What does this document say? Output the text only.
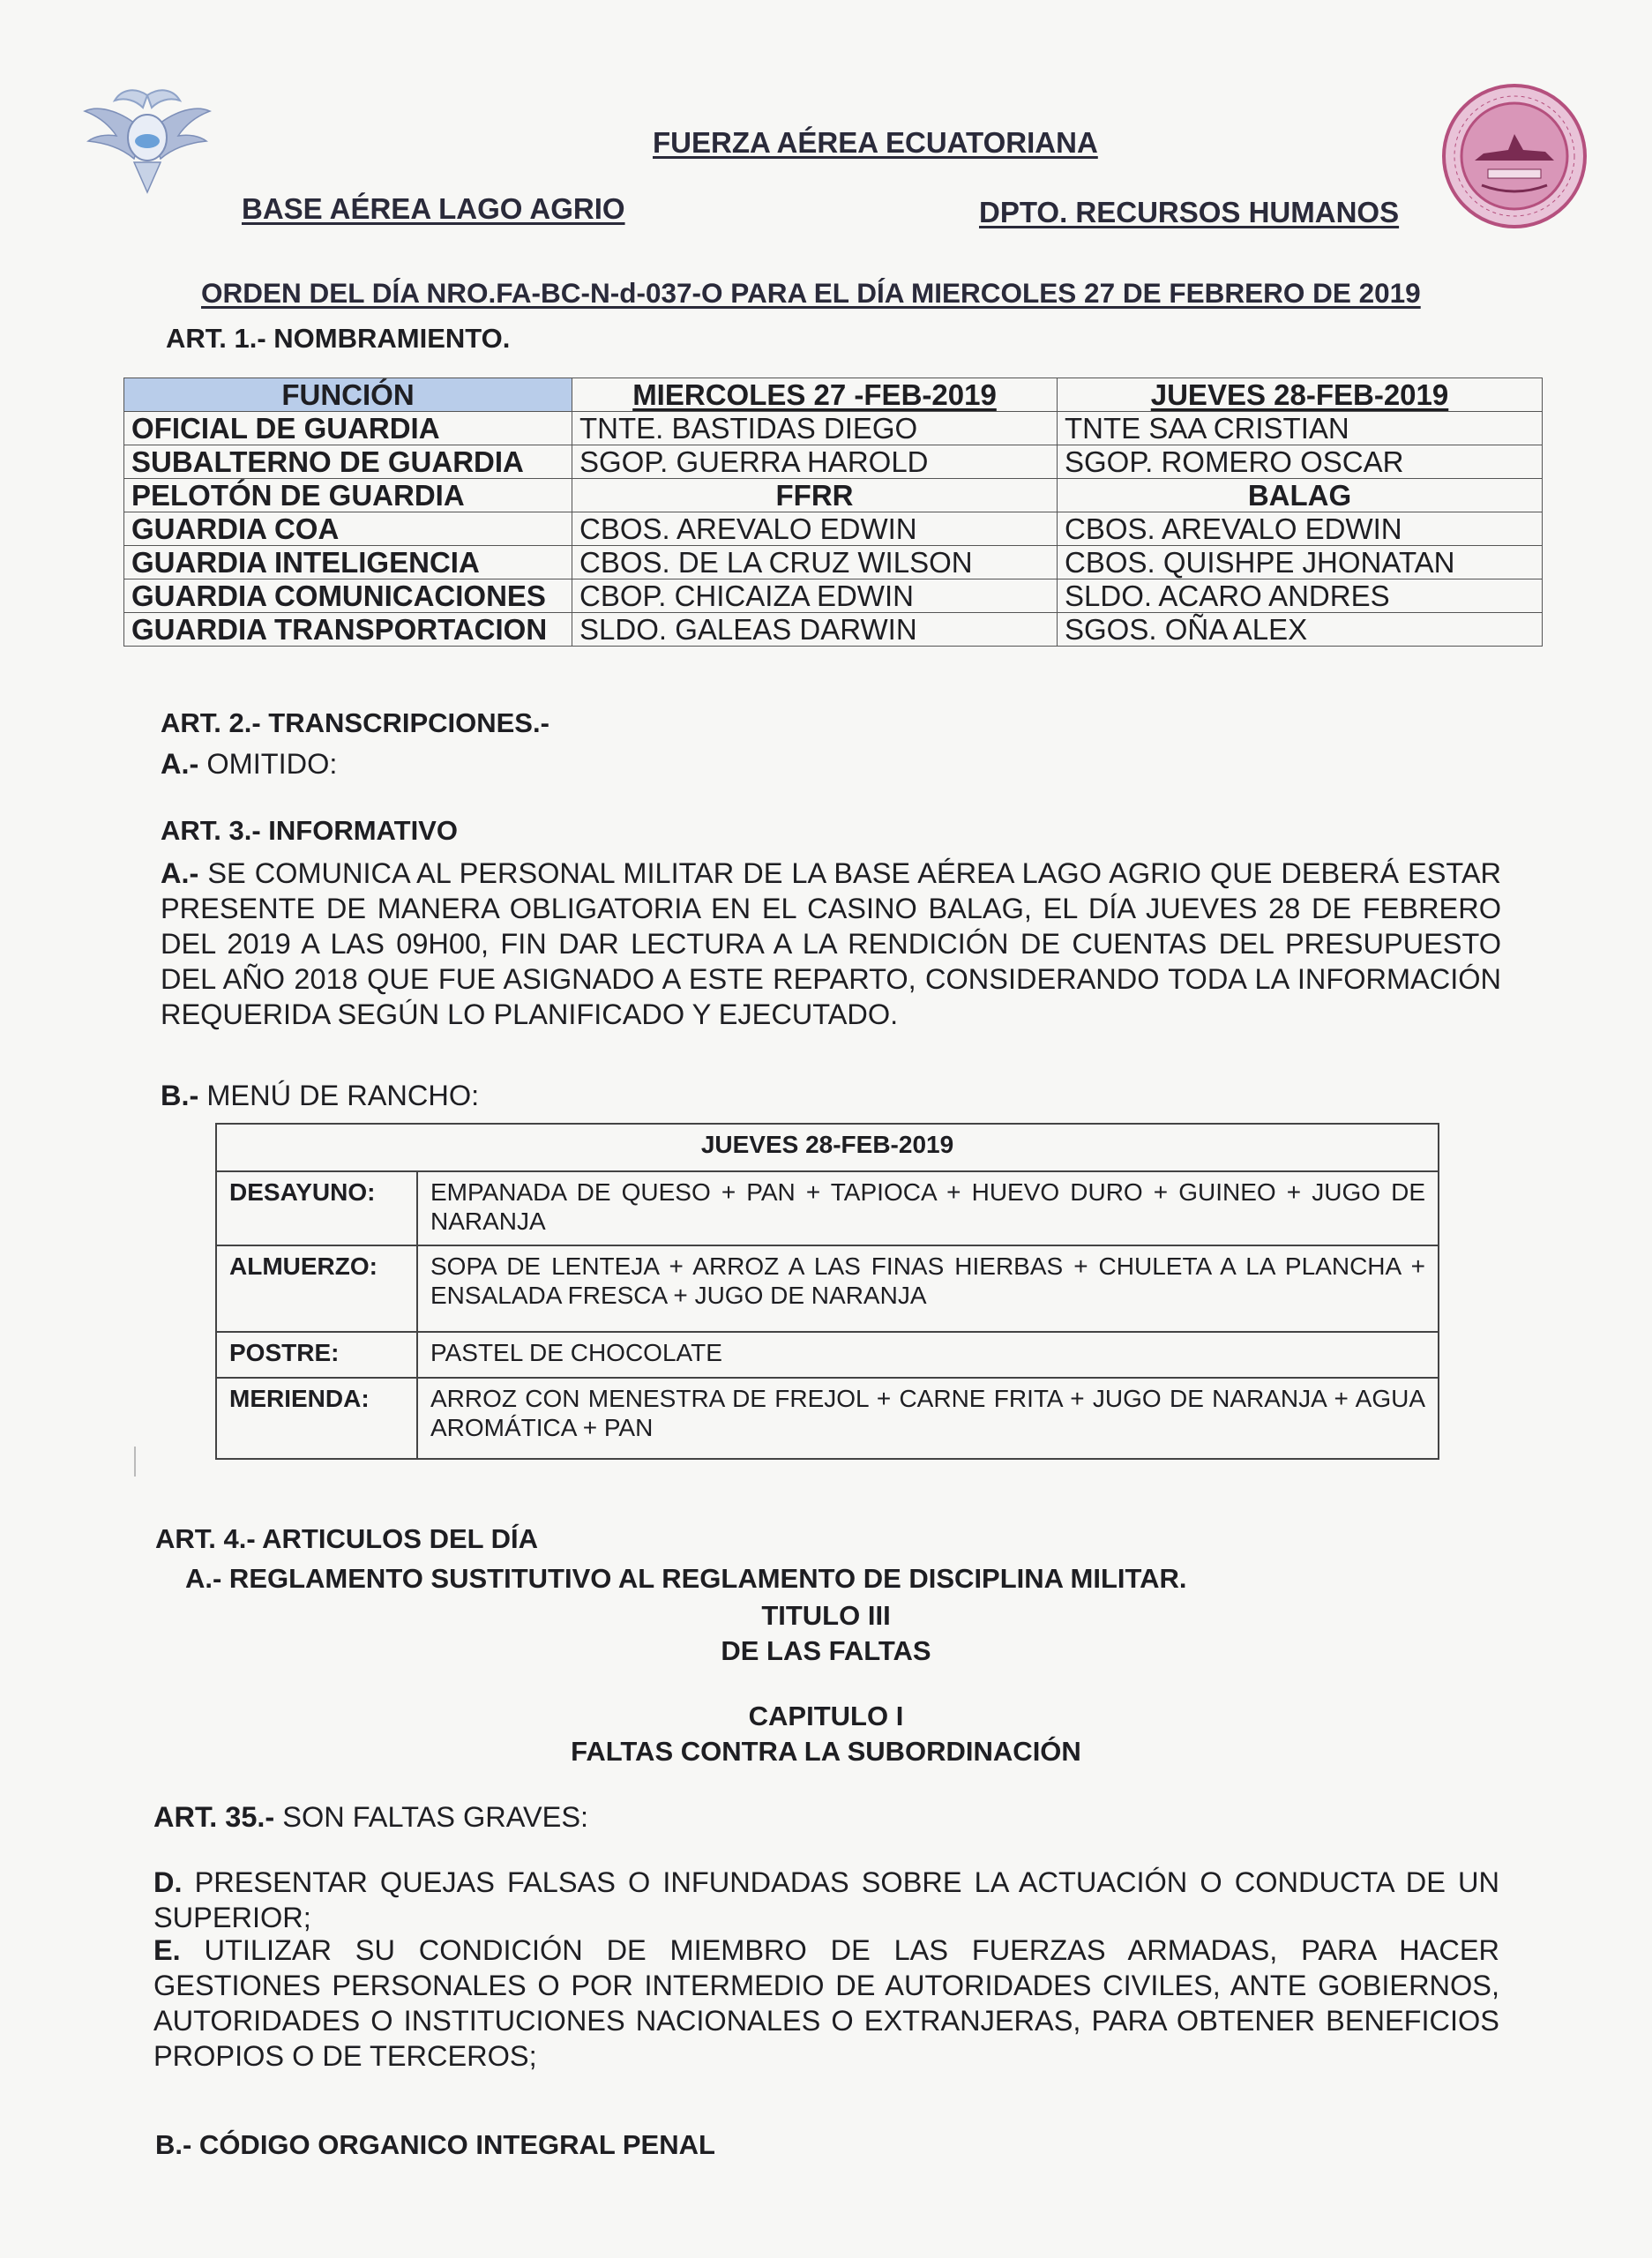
FUERZA AÉREA ECUATORIANA
BASE AÉREA LAGO AGRIO	DPTO. RECURSOS HUMANOS
ORDEN DEL DÍA NRO.FA-BC-N-d-037-O PARA EL DÍA MIERCOLES 27 DE FEBRERO DE 2019
ART. 1.- NOMBRAMIENTO.
FUNCIÓN	MIERCOLES 27 -FEB-2019	JUEVES 28-FEB-2019
OFICIAL DE GUARDIA	TNTE. BASTIDAS DIEGO	TNTE SAA CRISTIAN
SUBALTERNO DE GUARDIA	SGOP. GUERRA HAROLD	SGOP. ROMERO OSCAR
PELOTÓN DE GUARDIA	FFRR	BALAG
GUARDIA COA	CBOS. AREVALO EDWIN	CBOS. AREVALO EDWIN
GUARDIA INTELIGENCIA	CBOS. DE LA CRUZ WILSON	CBOS. QUISHPE JHONATAN
GUARDIA COMUNICACIONES	CBOP. CHICAIZA EDWIN	SLDO. ACARO ANDRES
GUARDIA TRANSPORTACION	SLDO. GALEAS DARWIN	SGOS. OÑA ALEX
ART. 2.- TRANSCRIPCIONES.-
A.- OMITIDO:
ART. 3.- INFORMATIVO
A.- SE COMUNICA AL PERSONAL MILITAR DE LA BASE AÉREA LAGO AGRIO QUE DEBERÁ ESTAR PRESENTE DE MANERA OBLIGATORIA EN EL CASINO BALAG, EL DÍA JUEVES 28 DE FEBRERO DEL 2019 A LAS 09H00, FIN DAR LECTURA A LA RENDICIÓN DE CUENTAS DEL PRESUPUESTO DEL AÑO 2018 QUE FUE ASIGNADO A ESTE REPARTO, CONSIDERANDO TODA LA INFORMACIÓN REQUERIDA SEGÚN LO PLANIFICADO Y EJECUTADO.
B.- MENÚ DE RANCHO:
JUEVES 28-FEB-2019	
DESAYUNO:	EMPANADA DE QUESO + PAN + TAPIOCA + HUEVO DURO + GUINEO + JUGO DE NARANJA
ALMUERZO:	SOPA DE LENTEJA + ARROZ A LAS FINAS HIERBAS + CHULETA A LA PLANCHA + ENSALADA FRESCA + JUGO DE NARANJA
POSTRE:	PASTEL DE CHOCOLATE
MERIENDA:	ARROZ CON MENESTRA DE FREJOL + CARNE FRITA + JUGO DE NARANJA + AGUA AROMÁTICA + PAN
ART. 4.- ARTICULOS DEL DÍA
A.- REGLAMENTO SUSTITUTIVO AL REGLAMENTO DE DISCIPLINA MILITAR.
TITULO III
DE LAS FALTAS
CAPITULO I
FALTAS CONTRA LA SUBORDINACIÓN
ART. 35.- SON FALTAS GRAVES:
D. PRESENTAR QUEJAS FALSAS O INFUNDADAS SOBRE LA ACTUACIÓN O CONDUCTA DE UN SUPERIOR;
E. UTILIZAR SU CONDICIÓN DE MIEMBRO DE LAS FUERZAS ARMADAS, PARA HACER GESTIONES PERSONALES O POR INTERMEDIO DE AUTORIDADES CIVILES, ANTE GOBIERNOS, AUTORIDADES O INSTITUCIONES NACIONALES O EXTRANJERAS, PARA OBTENER BENEFICIOS PROPIOS O DE TERCEROS;
B.- CÓDIGO ORGANICO INTEGRAL PENAL
